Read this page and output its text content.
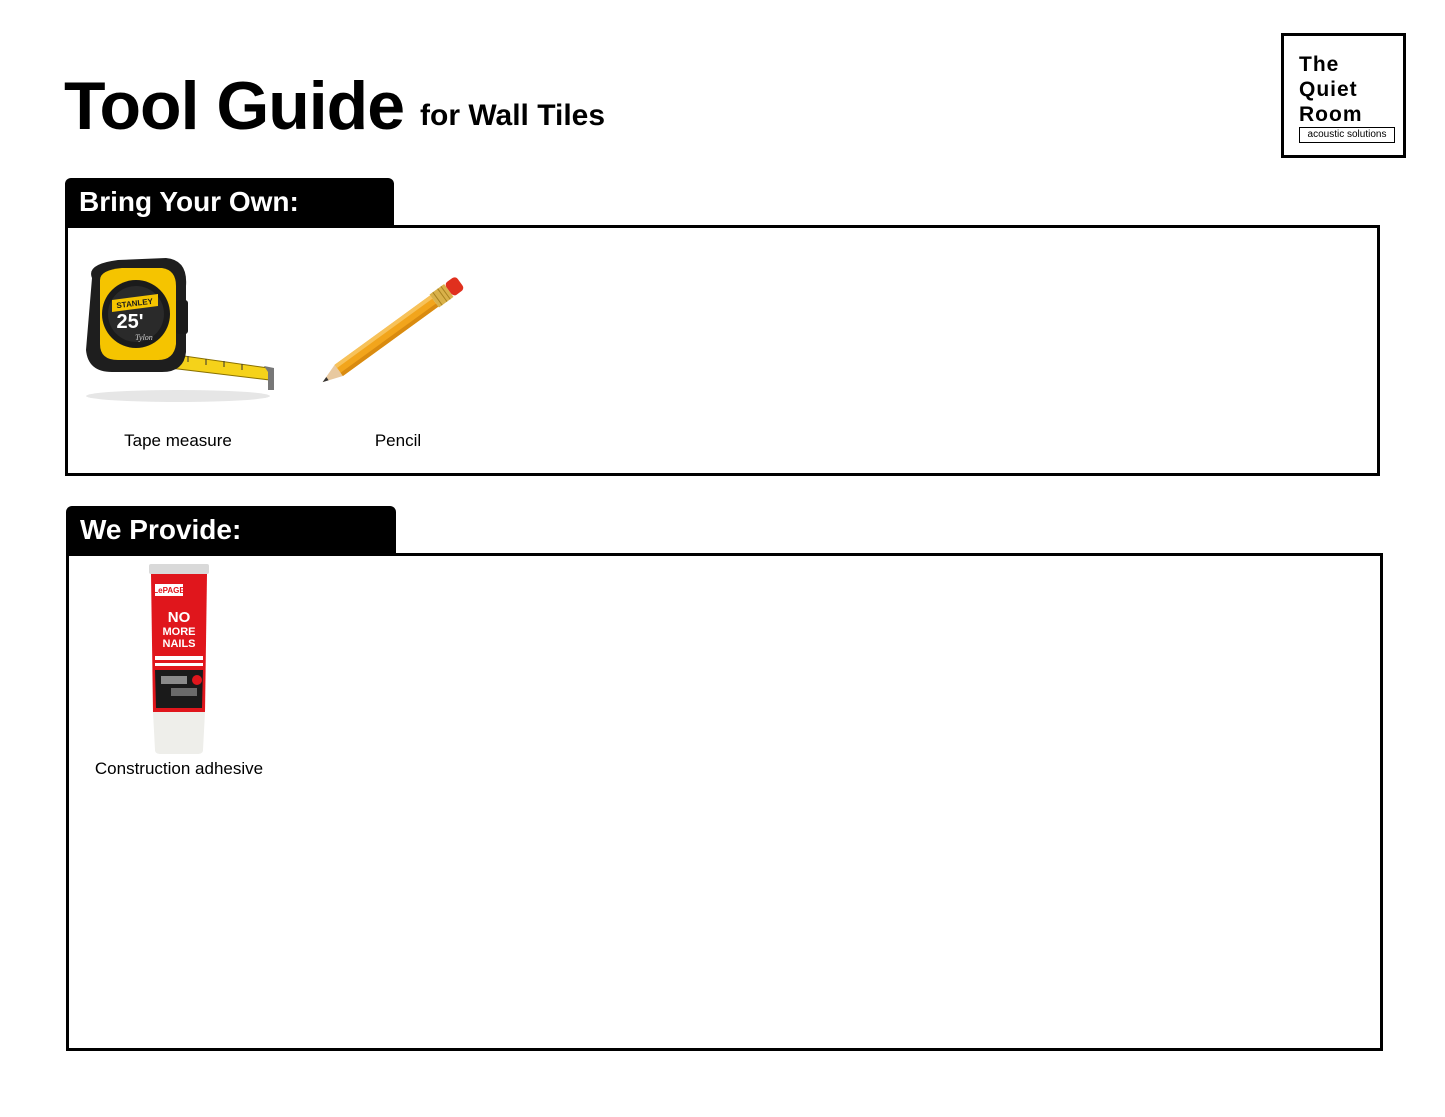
Tool Guide for Wall Tiles
The
Quiet
Room
acoustic solutions
Bring Your Own:
STANLEY
25'
Tylon
Tape measure	Pencil
We Provide:
LePAGE
NO
MORE
NAILS
Construction adhesive
